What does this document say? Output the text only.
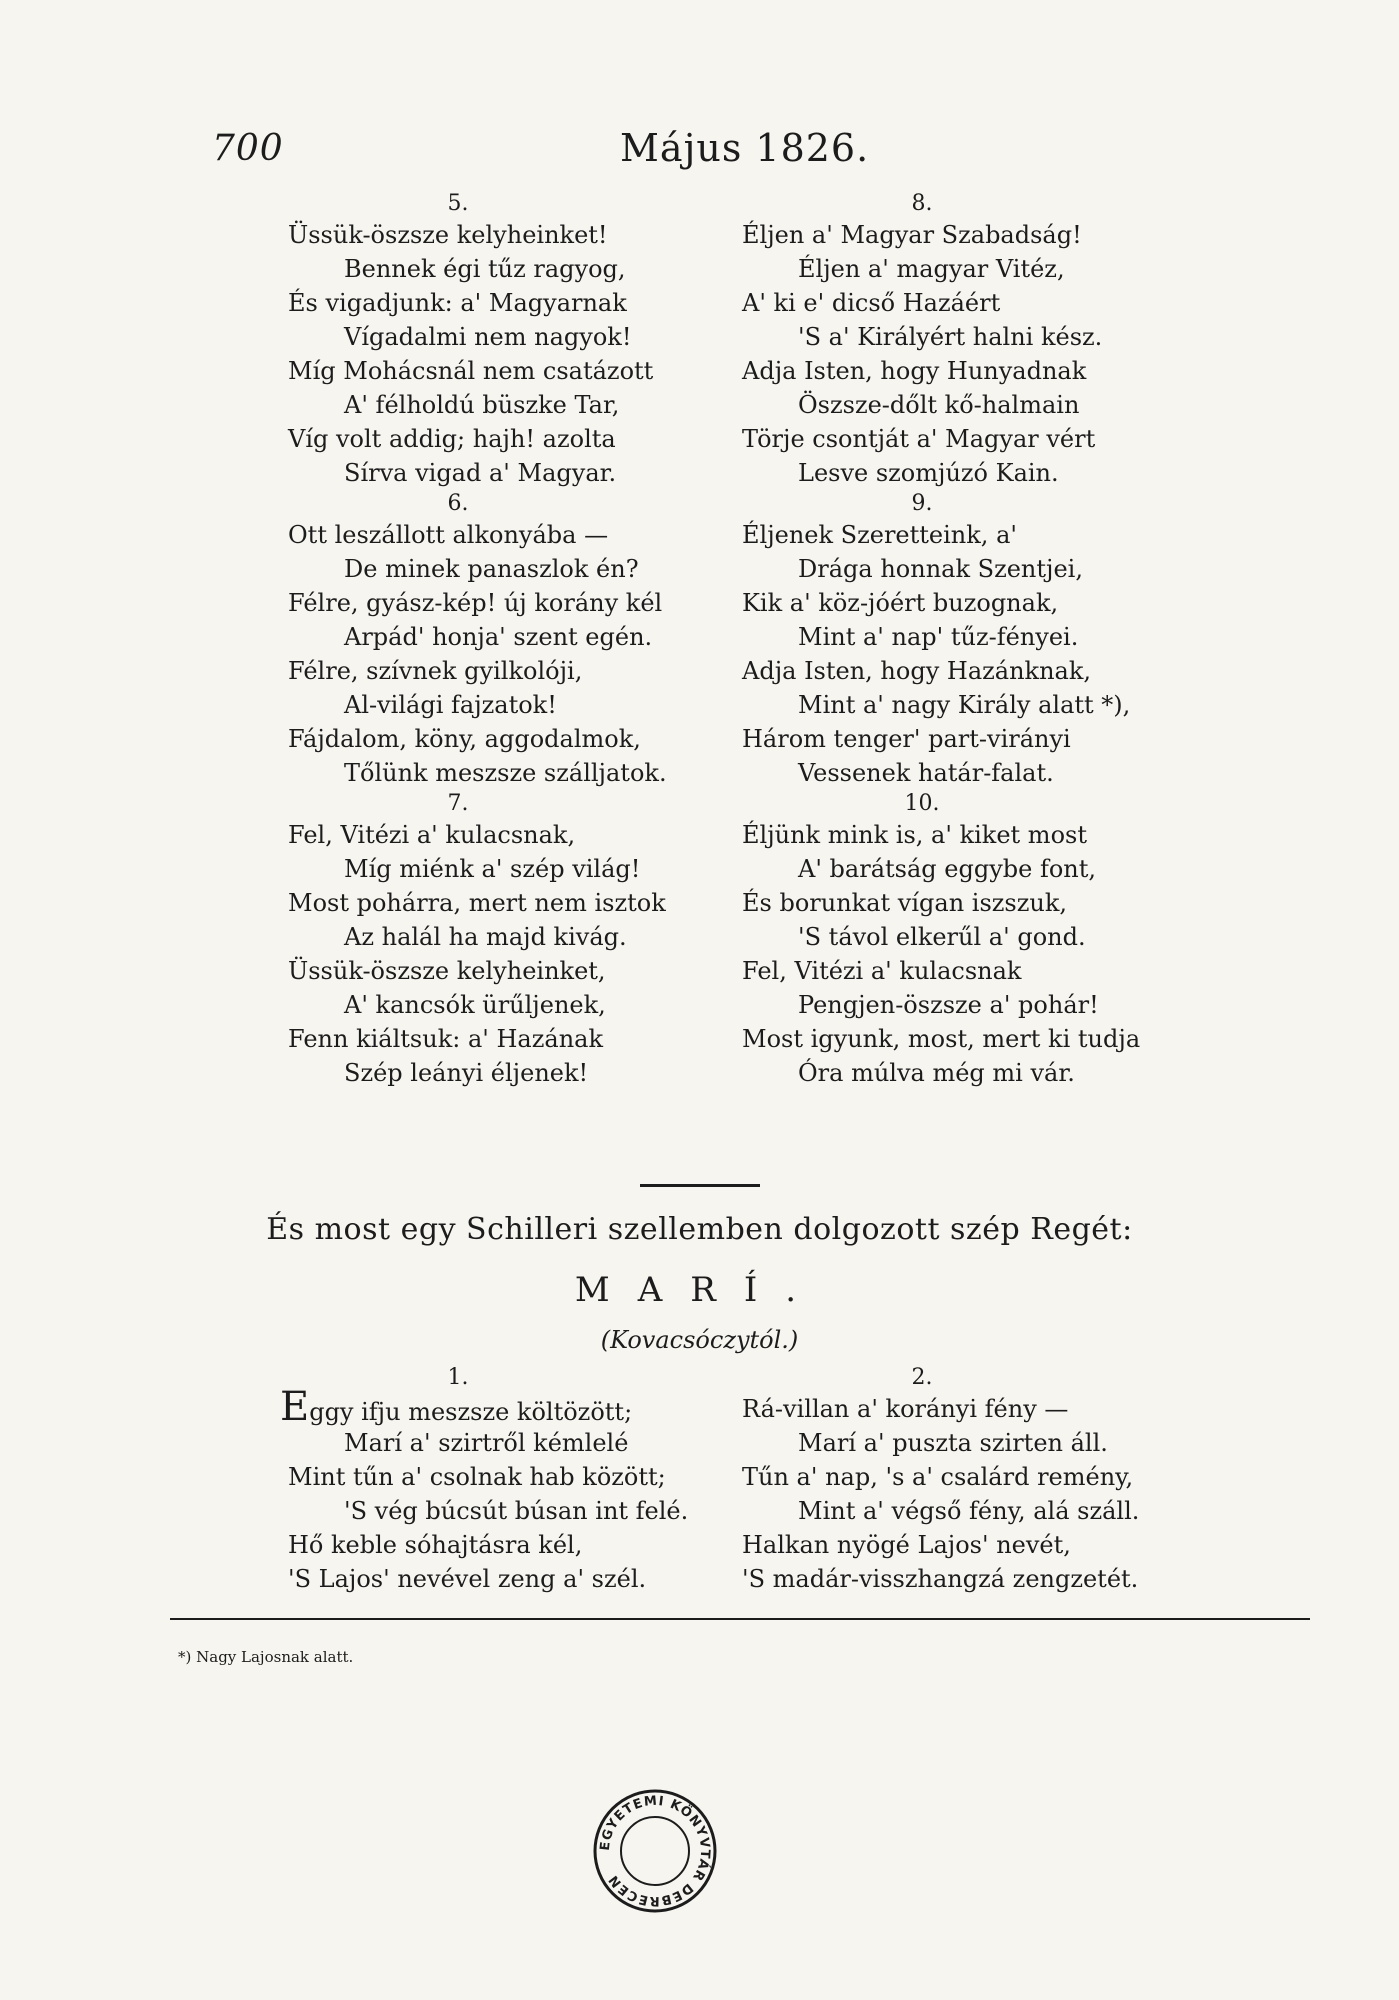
700	Május 1826.
5.
Üssük-öszsze kelyheinket!
Bennek égi tűz ragyog,
És vigadjunk: a' Magyarnak
Vígadalmi nem nagyok!
Míg Mohácsnál nem csatázott
A' félholdú büszke Tar,
Víg volt addig; hajh! azolta
Sírva vigad a' Magyar.
6.
Ott leszállott alkonyába —
De minek panaszlok én?
Félre, gyász-kép! új korány kél
Arpád' honja' szent egén.
Félre, szívnek gyilkolóji,
Al-világi fajzatok!
Fájdalom, köny, aggodalmok,
Tőlünk meszsze szálljatok.
7.
Fel, Vitézi a' kulacsnak,
Míg miénk a' szép világ!
Most pohárra, mert nem isztok
Az halál ha majd kivág.
Üssük-öszsze kelyheinket,
A' kancsók ürűljenek,
Fenn kiáltsuk: a' Hazának
Szép leányi éljenek!
8.
Éljen a' Magyar Szabadság!
Éljen a' magyar Vitéz,
A' ki e' dicső Hazáért
'S a' Királyért halni kész.
Adja Isten, hogy Hunyadnak
Öszsze-dőlt kő-halmain
Törje csontját a' Magyar vért
Lesve szomjúzó Kain.
9.
Éljenek Szeretteink, a'
Drága honnak Szentjei,
Kik a' köz-jóért buzognak,
Mint a' nap' tűz-fényei.
Adja Isten, hogy Hazánknak,
Mint a' nagy Király alatt *),
Három tenger' part-virányi
Vessenek határ-falat.
10.
Éljünk mink is, a' kiket most
A' barátság eggybe font,
És borunkat vígan iszszuk,
'S távol elkerűl a' gond.
Fel, Vitézi a' kulacsnak
Pengjen-öszsze a' pohár!
Most igyunk, most, mert ki tudja
Óra múlva még mi vár.
És most egy Schilleri szellemben dolgozott szép Regét:
MARÍ.
(Kovacsóczytól.)
1.
Eggy ifju meszsze költözött;
Marí a' szirtről kémlelé
Mint tűn a' csolnak hab között;
'S vég búcsút búsan int felé.
Hő keble sóhajtásra kél,
'S Lajos' nevével zeng a' szél.
2.
Rá-villan a' korányi fény —
Marí a' puszta szirten áll.
Tűn a' nap, 's a' csalárd remény,
Mint a' végső fény, alá száll.
Halkan nyögé Lajos' nevét,
'S madár-visszhangzá zengzetét.
*) Nagy Lajosnak alatt.
EGYETEMI KÖNYVTÁR DEBRECEN
